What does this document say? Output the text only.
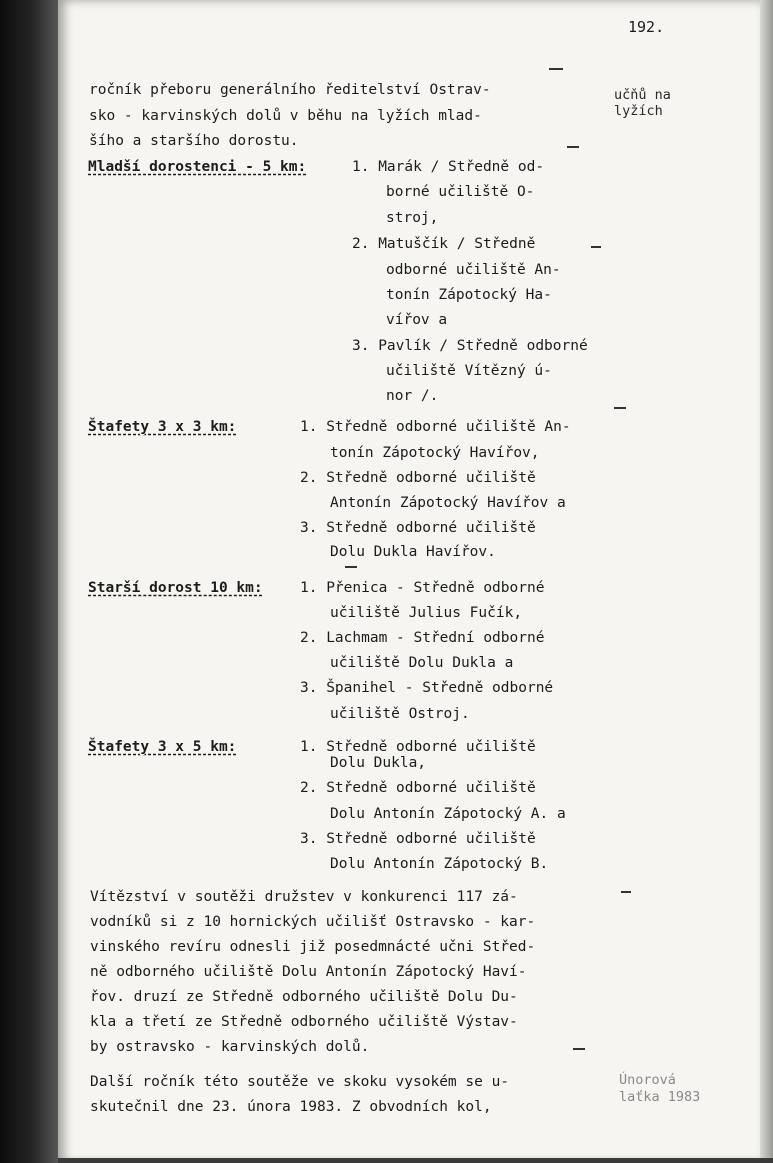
192.
ročník přeboru generálního ředitelství Ostrav-
sko - karvinských dolů v běhu na lyžích mlad-
šího a staršího dorostu.
učňů na
lyžích
Mladší dorostenci - 5 km:	1. Marák / Středně od-
borné učiliště O-
stroj,
2. Matuščík / Středně
odborné učiliště An-
tonín Zápotocký Ha-
vířov a
3. Pavlík / Středně odborné
učiliště Vítězný ú-
nor /.
Štafety 3 x 3 km:	1. Středně odborné učiliště An-
tonín Zápotocký Havířov,
2. Středně odborné učiliště
Antonín Zápotocký Havířov a
3. Středně odborné učiliště
Dolu Dukla Havířov.
Starší dorost 10 km:	1. Přenica - Středně odborné
učiliště Julius Fučík,
2. Lachmam - Střední odborné
učiliště Dolu Dukla a
3. Španihel - Středně odborné
učiliště Ostroj.
Štafety 3 x 5 km:	1. Středně odborné učiliště
Dolu Dukla,
2. Středně odborné učiliště
Dolu Antonín Zápotocký A. a
3. Středně odborné učiliště
Dolu Antonín Zápotocký B.
Vítězství v soutěži družstev v konkurenci 117 zá-
vodníků si z 10 hornických učilišť Ostravsko - kar-
vinského revíru odnesli již posedmnácté učni Střed-
ně odborného učiliště Dolu Antonín Zápotocký Haví-
řov. druzí ze Středně odborného učiliště Dolu Du-
kla a třetí ze Středně odborného učiliště Výstav-
by ostravsko - karvinských dolů.
Další ročník této soutěže ve skoku vysokém se u-
skutečnil dne 23. února 1983. Z obvodních kol,
Únorová
laťka 1983
